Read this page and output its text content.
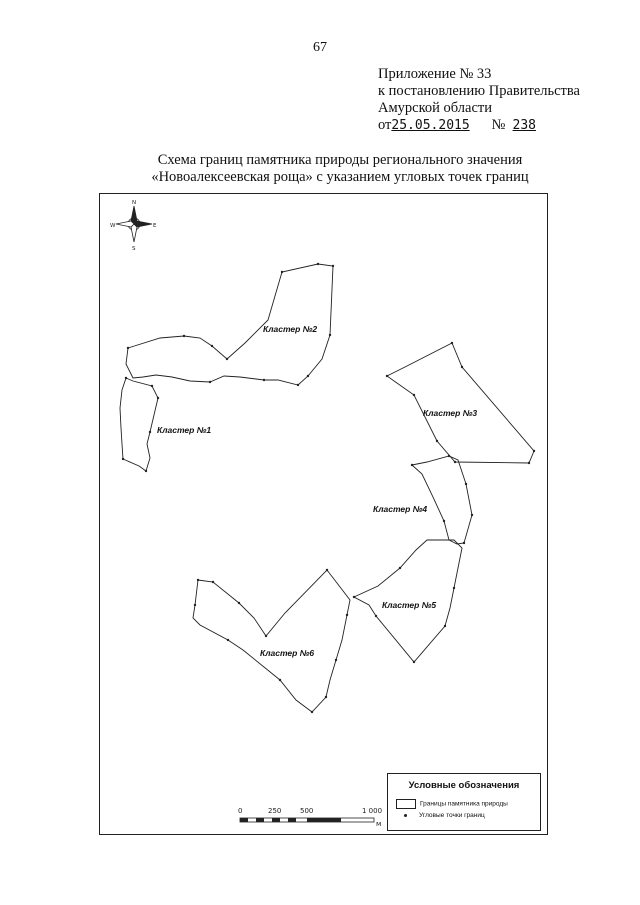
67
Приложение № 33
к постановлению Правительства
Амурской области
от25.05.2015 № 238
Схема границ памятника природы регионального значения
«Новоалексеевская роща» с указанием угловых точек границ
N
S
E
W
Кластер №1
Кластер №2
Кластер №3
Кластер №4
Кластер №5
Кластер №6
0	250	500	1 000
м
Условные обозначения
Границы памятника природы
Угловые точки границ
